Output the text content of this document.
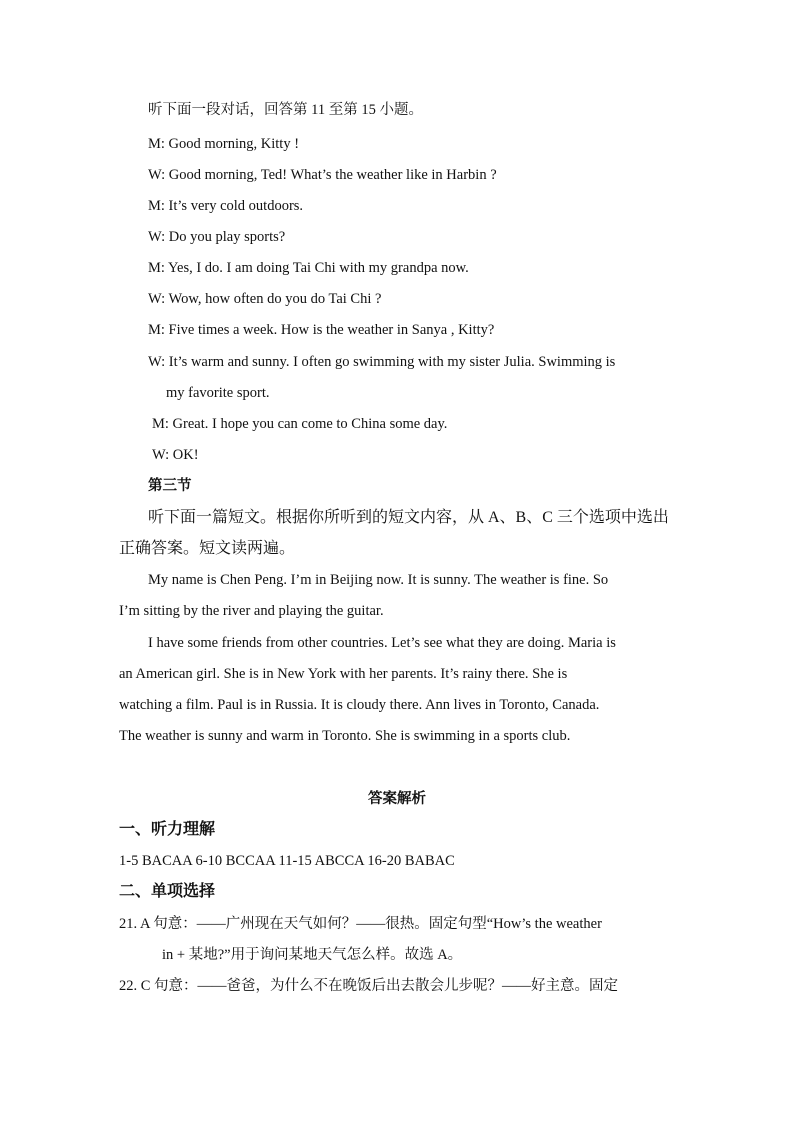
听下面一段对话，回答第 11 至第 15 小题。
M: Good morning, Kitty !
W: Good morning, Ted! What’s the weather like in Harbin ?
M: It’s very cold outdoors.
W: Do you play sports?
M: Yes, I do. I am doing Tai Chi with my grandpa now.
W: Wow, how often do you do Tai Chi ?
M: Five times a week. How is the weather in Sanya , Kitty?
W: It’s warm and sunny. I often go swimming with my sister Julia. Swimming is
my favorite sport.
M: Great. I hope you can come to China some day.
W: OK!
第三节
听下面一篇短文。根据你所听到的短文内容，从 A、B、C 三个选项中选出
正确答案。短文读两遍。
My name is Chen Peng. I’m in Beijing now. It is sunny. The weather is fine. So
I’m sitting by the river and playing the guitar.
I have some friends from other countries. Let’s see what they are doing. Maria is
an American girl. She is in New York with her parents. It’s rainy there. She is
watching a film. Paul is in Russia. It is cloudy there. Ann lives in Toronto, Canada.
The weather is sunny and warm in Toronto. She is swimming in a sports club.
答案解析
一、听力理解
1-5 BACAA 6-10 BCCAA 11-15 ABCCA 16-20 BABAC
二、单项选择
21. A 句意：——广州现在天气如何？——很热。固定句型“How’s the weather
in + 某地?”用于询问某地天气怎么样。故选 A。
22. C 句意：——爸爸，为什么不在晚饭后出去散会儿步呢？——好主意。固定
